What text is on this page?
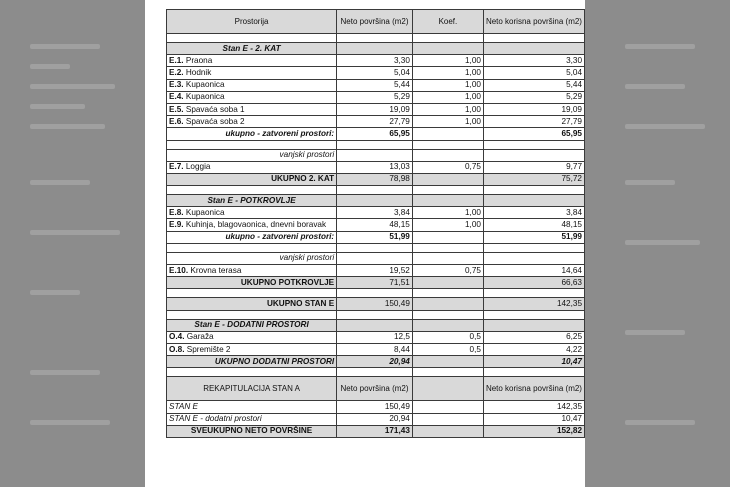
Prostorija	Neto površina (m2)	Koef.	Neto korisna površina (m2)

Stan E - 2. KAT			
E.1. Praona	3,30	1,00	3,30
E.2. Hodnik	5,04	1,00	5,04
E.3. Kupaonica	5,44	1,00	5,44
E.4. Kupaonica	5,29	1,00	5,29
E.5. Spavaća soba 1	19,09	1,00	19,09
E.6. Spavaća soba 2	27,79	1,00	27,79
ukupno - zatvoreni prostori:	65,95		65,95

vanjski prostori			
E.7. Loggia	13,03	0,75	9,77
UKUPNO 2. KAT	78,98		75,72

Stan E - POTKROVLJE			
E.8. Kupaonica	3,84	1,00	3,84
E.9. Kuhinja, blagovaonica, dnevni boravak	48,15	1,00	48,15
ukupno - zatvoreni prostori:	51,99		51,99

vanjski prostori			
E.10. Krovna terasa	19,52	0,75	14,64
UKUPNO POTKROVLJE	71,51		66,63

UKUPNO STAN E	150,49		142,35

Stan E - DODATNI PROSTORI			
O.4. Garaža	12,5	0,5	6,25
O.8. Spremište 2	8,44	0,5	4,22
UKUPNO DODATNI PROSTORI	20,94		10,47

REKAPITULACIJA STAN A	Neto površina (m2)		Neto korisna površina (m2)
STAN E	150,49		142,35
STAN E - dodatni prostori	20,94		10,47
SVEUKUPNO NETO POVRŠINE	171,43		152,82
